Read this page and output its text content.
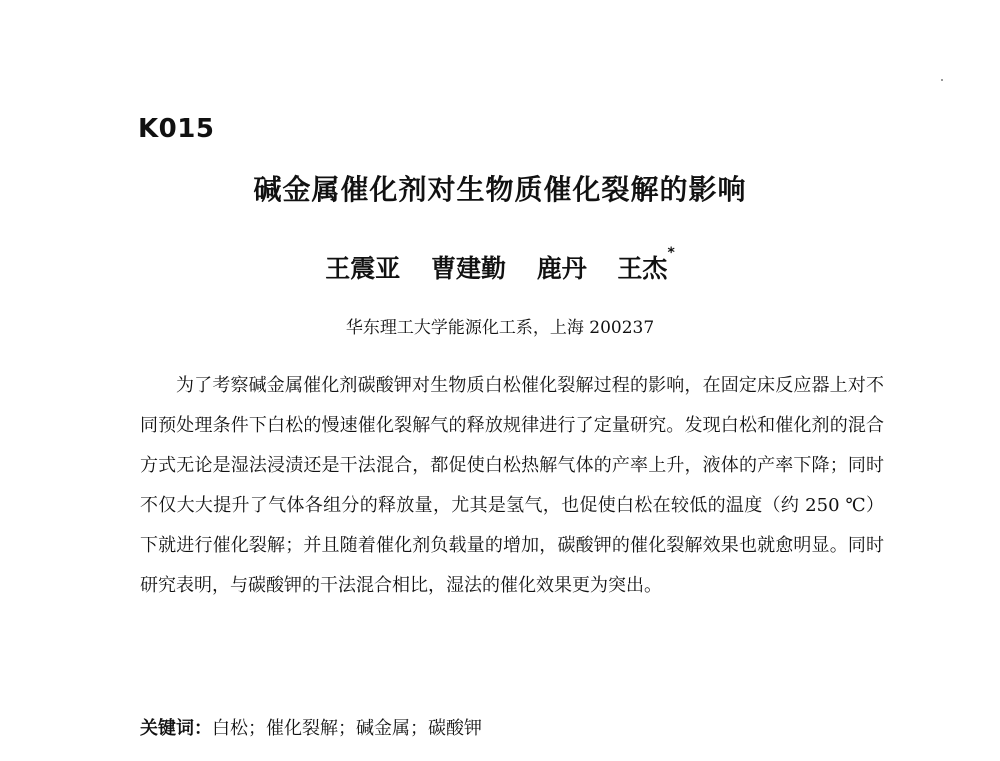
K015
碱金属催化剂对生物质催化裂解的影响
王震亚 曹建勤 鹿丹 王杰*
华东理工大学能源化工系，上海 200237

为了考察碱金属催化剂碳酸钾对生物质白松催化裂解过程的影响，在固定床反应器上对不同预处理条件下白松的慢速催化裂解气的释放规律进行了定量研究。发现白松和催化剂的混合方式无论是湿法浸渍还是干法混合，都促使白松热解气体的产率上升，液体的产率下降；同时不仅大大提升了气体各组分的释放量，尤其是氢气，也促使白松在较低的温度（约 250 ℃）下就进行催化裂解；并且随着催化剂负载量的增加，碳酸钾的催化裂解效果也就愈明显。同时研究表明，与碳酸钾的干法混合相比，湿法的催化效果更为突出。

关键词：白松；催化裂解；碱金属；碳酸钾
